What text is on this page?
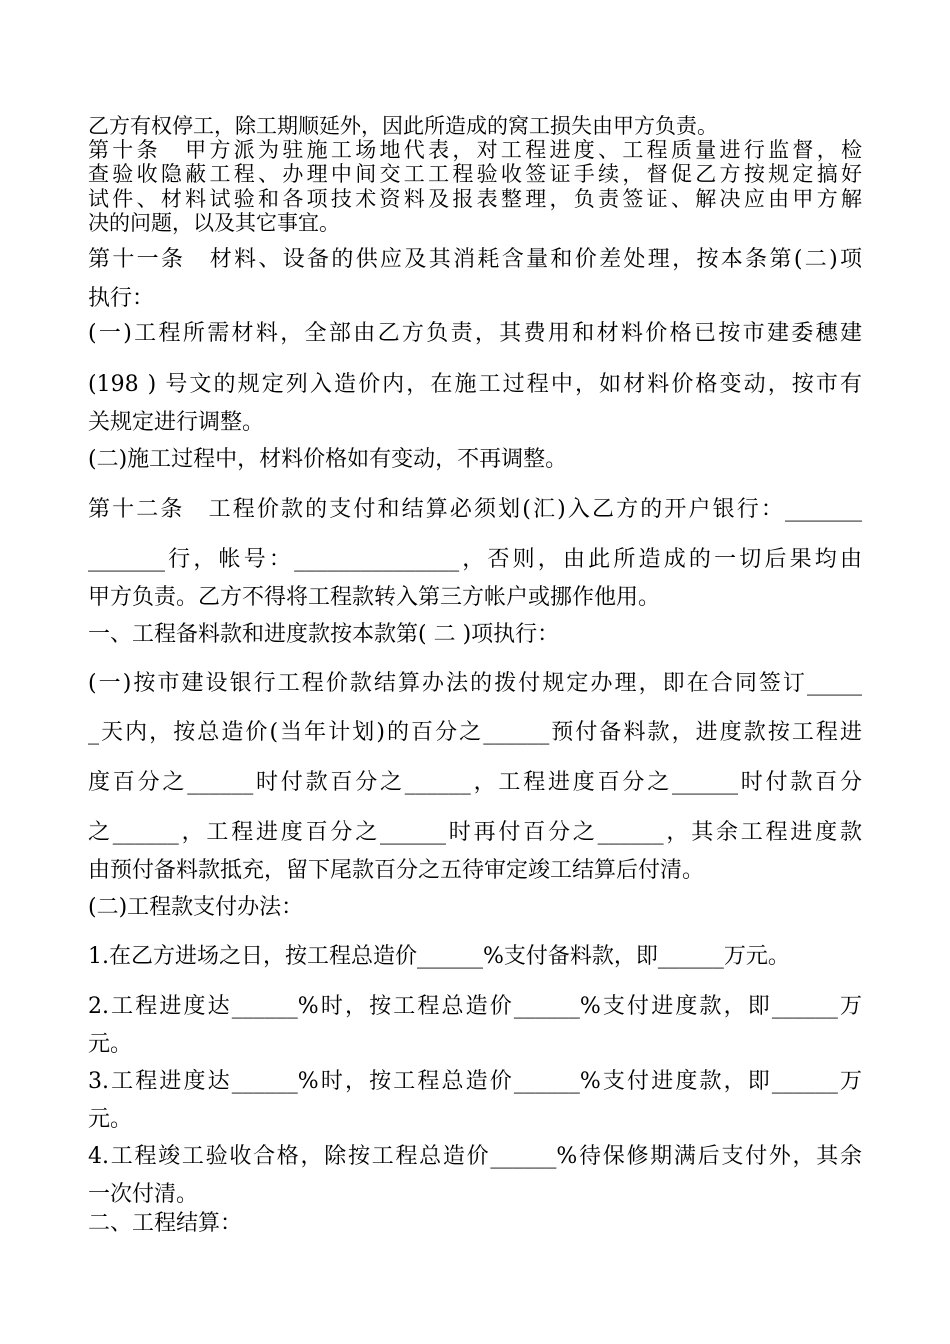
乙方有权停工，除工期顺延外，因此所造成的窝工损失由甲方负责。

第十条　甲方派为驻施工场地代表，对工程进度、工程质量进行监督，检

查验收隐蔽工程、办理中间交工工程验收签证手续，督促乙方按规定搞好

试件、材料试验和各项技术资料及报表整理，负责签证、解决应由甲方解

决的问题，以及其它事宜。

第十一条　材料、设备的供应及其消耗含量和价差处理，按本条第(二)项

执行：

(一)工程所需材料，全部由乙方负责，其费用和材料价格已按市建委穗建

(198 ) 号文的规定列入造价内，在施工过程中，如材料价格变动，按市有

关规定进行调整。

(二)施工过程中，材料价格如有变动，不再调整。

第十二条　工程价款的支付和结算必须划(汇)入乙方的开户银行：_______

_______行，帐号：_______________，否则，由此所造成的一切后果均由

甲方负责。乙方不得将工程款转入第三方帐户或挪作他用。

一、工程备料款和进度款按本款第( 二 )项执行：

(一)按市建设银行工程价款结算办法的拨付规定办理，即在合同签订_____

_天内，按总造价(当年计划)的百分之______预付备料款，进度款按工程进

度百分之______时付款百分之______，工程进度百分之______时付款百分

之______，工程进度百分之______时再付百分之______，其余工程进度款

由预付备料款抵充，留下尾款百分之五待审定竣工结算后付清。

(二)工程款支付办法：

1.在乙方进场之日，按工程总造价______%支付备料款，即______万元。

2.工程进度达______%时，按工程总造价______%支付进度款，即______万

元。

3.工程进度达______%时，按工程总造价______%支付进度款，即______万

元。

4.工程竣工验收合格，除按工程总造价______%待保修期满后支付外，其余

一次付清。

二、工程结算：
